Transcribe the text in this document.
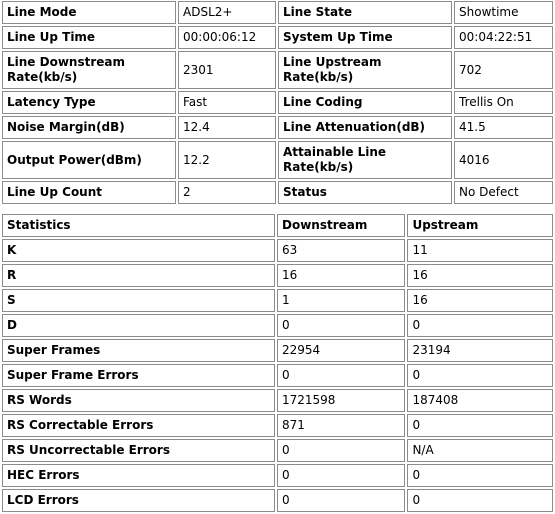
Line Mode	ADSL2+	Line State	Showtime
Line Up Time	00:00:06:12	System Up Time	00:04:22:51
Line Downstream Rate(kb/s)	2301	Line Upstream Rate(kb/s)	702
Latency Type	Fast	Line Coding	Trellis On
Noise Margin(dB)	12.4	Line Attenuation(dB)	41.5
Output Power(dBm)	12.2	Attainable Line Rate(kb/s)	4016
Line Up Count	2	Status	No Defect
Statistics	Downstream	Upstream
K	63	11
R	16	16
S	1	16
D	0	0
Super Frames	22954	23194
Super Frame Errors	0	0
RS Words	1721598	187408
RS Correctable Errors	871	0
RS Uncorrectable Errors	0	N/A
HEC Errors	0	0
LCD Errors	0	0
